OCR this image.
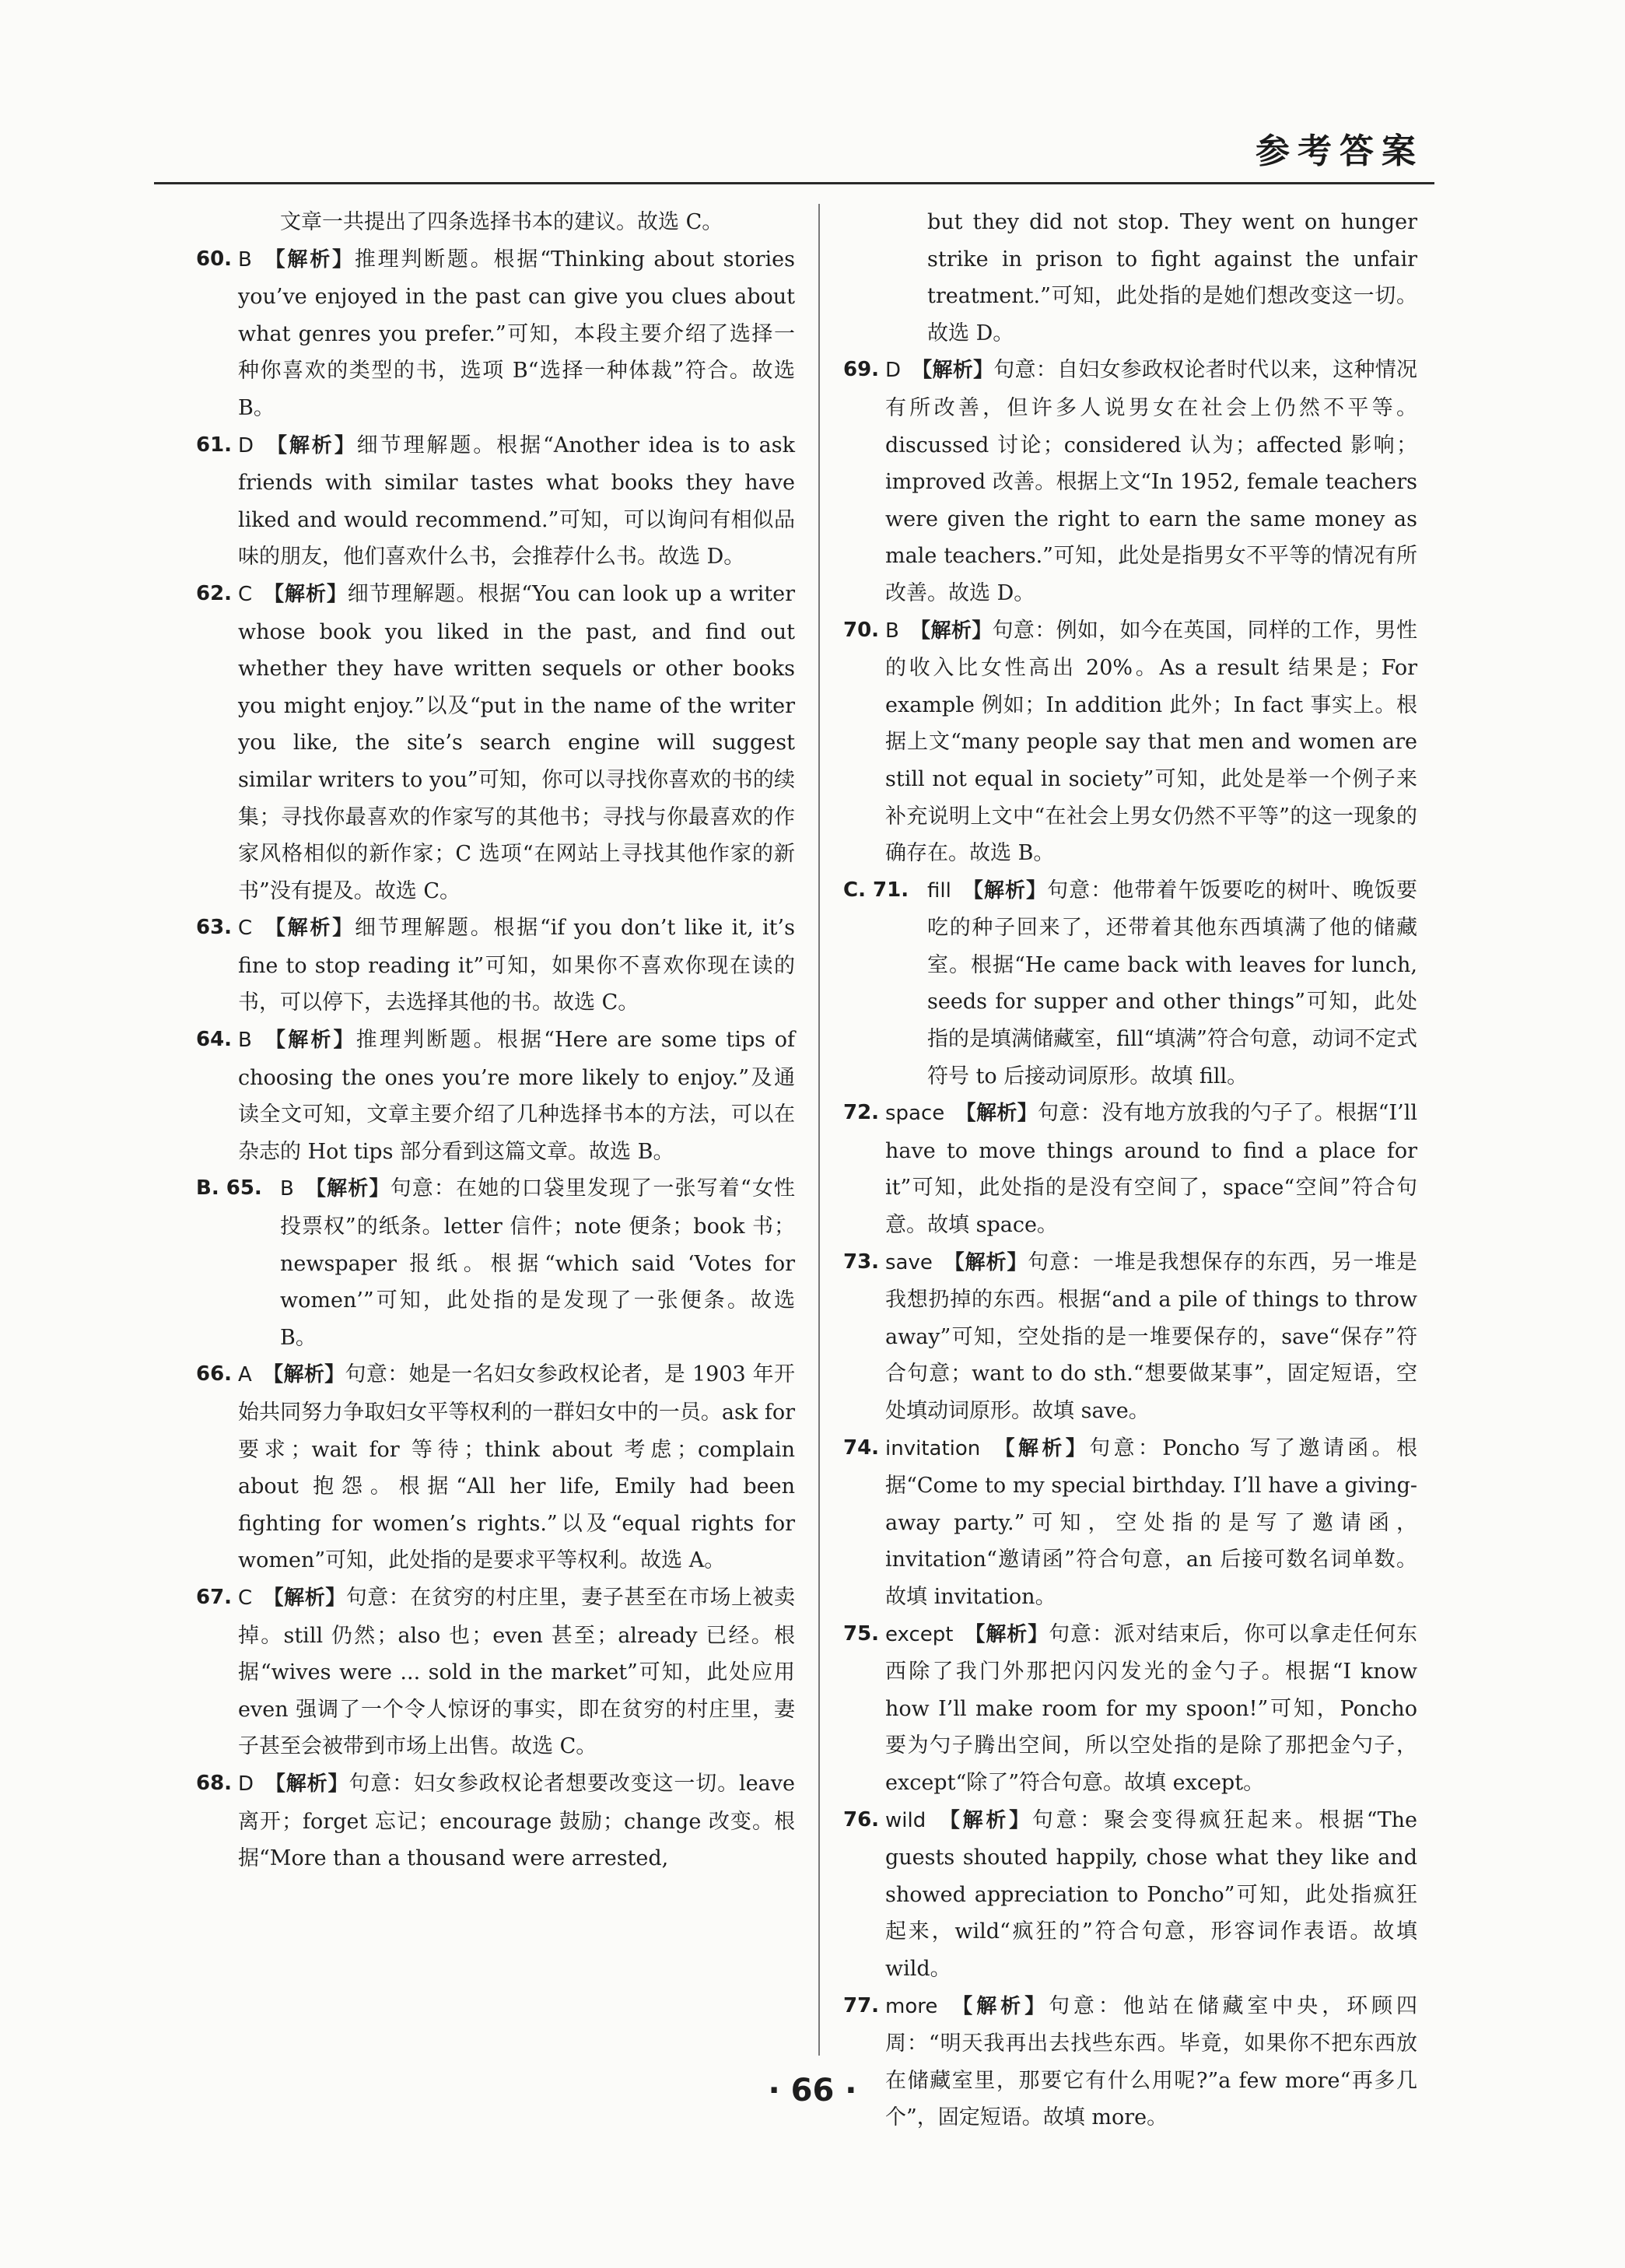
参考答案

文章一共提出了四条选择书本的建议。故选 C。

60. B 【解析】推理判断题。根据“Thinking about stories you’ve enjoyed in the past can give you clues about what genres you prefer.”可知，本段主要介绍了选择一种你喜欢的类型的书，选项 B“选择一种体裁”符合。故选 B。

61. D 【解析】细节理解题。根据“Another idea is to ask friends with similar tastes what books they have liked and would recommend.”可知，可以询问有相似品味的朋友，他们喜欢什么书，会推荐什么书。故选 D。

62. C 【解析】细节理解题。根据“You can look up a writer whose book you liked in the past, and find out whether they have written sequels or other books you might enjoy.”以及“put in the name of the writer you like, the site’s search engine will suggest similar writers to you”可知，你可以寻找你喜欢的书的续集；寻找你最喜欢的作家写的其他书；寻找与你最喜欢的作家风格相似的新作家；C 选项“在网站上寻找其他作家的新书”没有提及。故选 C。

63. C 【解析】细节理解题。根据“if you don’t like it, it’s fine to stop reading it”可知，如果你不喜欢你现在读的书，可以停下，去选择其他的书。故选 C。

64. B 【解析】推理判断题。根据“Here are some tips of choosing the ones you’re more likely to enjoy.”及通读全文可知，文章主要介绍了几种选择书本的方法，可以在杂志的 Hot tips 部分看到这篇文章。故选 B。

B. 65. B 【解析】句意：在她的口袋里发现了一张写着“女性投票权”的纸条。letter 信件；note 便条；book 书；newspaper 报纸。根据“which said ‘Votes for women’”可知，此处指的是发现了一张便条。故选 B。

66. A 【解析】句意：她是一名妇女参政权论者，是 1903 年开始共同努力争取妇女平等权利的一群妇女中的一员。ask for 要求；wait for 等待；think about 考虑；complain about 抱怨。根据“All her life, Emily had been fighting for women’s rights.”以及“equal rights for women”可知，此处指的是要求平等权利。故选 A。

67. C 【解析】句意：在贫穷的村庄里，妻子甚至在市场上被卖掉。still 仍然；also 也；even 甚至；already 已经。根据“wives were ... sold in the market”可知，此处应用 even 强调了一个令人惊讶的事实，即在贫穷的村庄里，妻子甚至会被带到市场上出售。故选 C。

68. D 【解析】句意：妇女参政权论者想要改变这一切。leave 离开；forget 忘记；encourage 鼓励；change 改变。根据“More than a thousand were arrested,

but they did not stop. They went on hunger strike in prison to fight against the unfair treatment.”可知，此处指的是她们想改变这一切。故选 D。

69. D 【解析】句意：自妇女参政权论者时代以来，这种情况有所改善，但许多人说男女在社会上仍然不平等。discussed 讨论；considered 认为；affected 影响；improved 改善。根据上文“In 1952, female teachers were given the right to earn the same money as male teachers.”可知，此处是指男女不平等的情况有所改善。故选 D。

70. B 【解析】句意：例如，如今在英国，同样的工作，男性的收入比女性高出 20%。As a result 结果是；For example 例如；In addition 此外；In fact 事实上。根据上文“many people say that men and women are still not equal in society”可知，此处是举一个例子来补充说明上文中“在社会上男女仍然不平等”的这一现象的确存在。故选 B。

C. 71. fill 【解析】句意：他带着午饭要吃的树叶、晚饭要吃的种子回来了，还带着其他东西填满了他的储藏室。根据“He came back with leaves for lunch, seeds for supper and other things”可知，此处指的是填满储藏室，fill“填满”符合句意，动词不定式符号 to 后接动词原形。故填 fill。

72. space 【解析】句意：没有地方放我的勺子了。根据“I’ll have to move things around to find a place for it”可知，此处指的是没有空间了，space“空间”符合句意。故填 space。

73. save 【解析】句意：一堆是我想保存的东西，另一堆是我想扔掉的东西。根据“and a pile of things to throw away”可知，空处指的是一堆要保存的，save“保存”符合句意；want to do sth.“想要做某事”，固定短语，空处填动词原形。故填 save。

74. invitation 【解析】句意：Poncho 写了邀请函。根据“Come to my special birthday. I’ll have a giving-away party.”可知，空处指的是写了邀请函，invitation“邀请函”符合句意，an 后接可数名词单数。故填 invitation。

75. except 【解析】句意：派对结束后，你可以拿走任何东西除了我门外那把闪闪发光的金勺子。根据“I know how I’ll make room for my spoon!”可知，Poncho 要为勺子腾出空间，所以空处指的是除了那把金勺子，except“除了”符合句意。故填 except。

76. wild 【解析】句意：聚会变得疯狂起来。根据“The guests shouted happily, chose what they like and showed appreciation to Poncho”可知，此处指疯狂起来，wild“疯狂的”符合句意，形容词作表语。故填 wild。

77. more 【解析】句意：他站在储藏室中央，环顾四周：“明天我再出去找些东西。毕竟，如果你不把东西放在储藏室里，那要它有什么用呢?”a few more“再多几个”，固定短语。故填 more。

· 66 ·
